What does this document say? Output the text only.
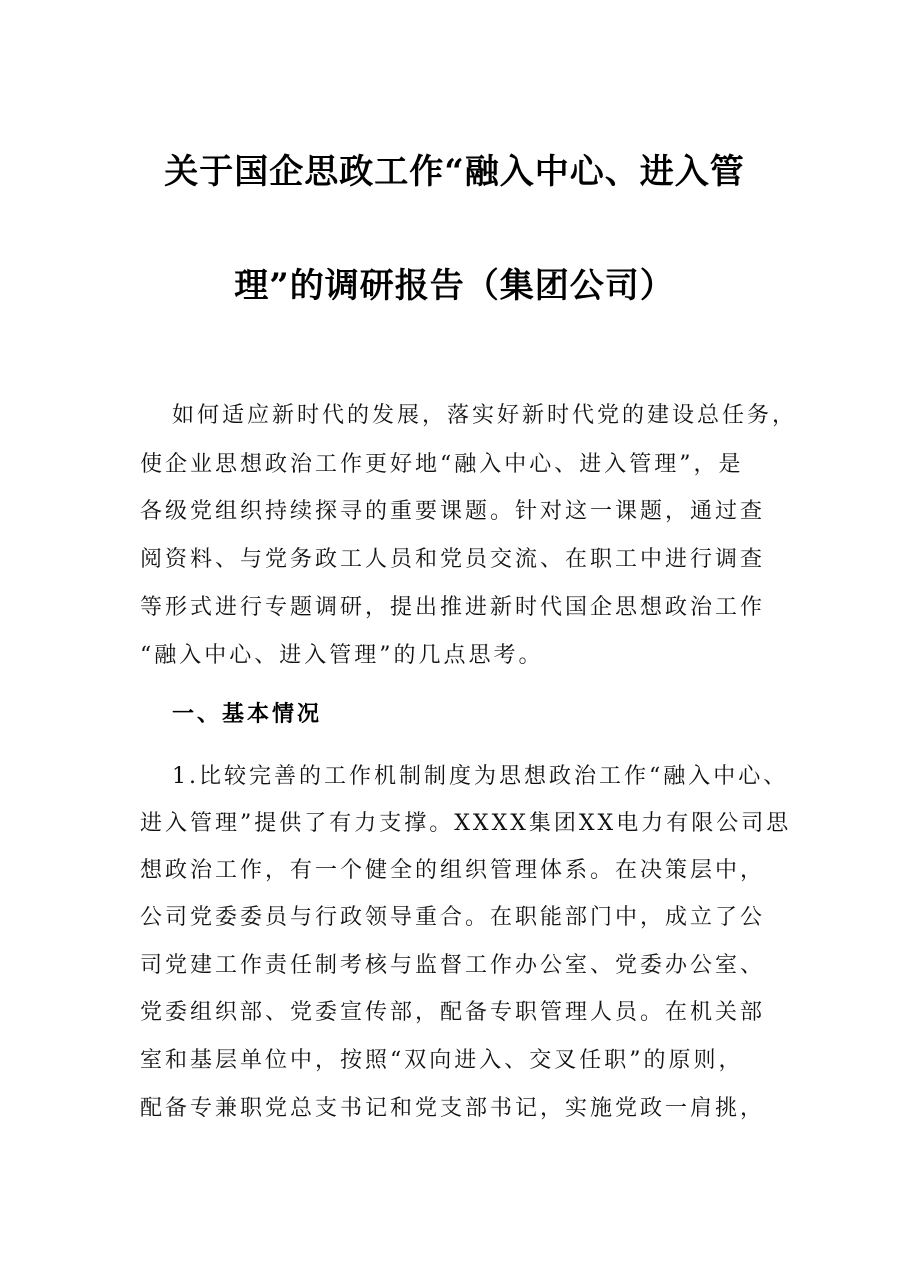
关于国企思政工作“融入中心、进入管
理”的调研报告（集团公司）
如何适应新时代的发展，落实好新时代党的建设总任务，
使企业思想政治工作更好地“融入中心、进入管理”，是
各级党组织持续探寻的重要课题。针对这一课题，通过查
阅资料、与党务政工人员和党员交流、在职工中进行调查
等形式进行专题调研，提出推进新时代国企思想政治工作
“融入中心、进入管理”的几点思考。
一、基本情况
1.比较完善的工作机制制度为思想政治工作“融入中心、
进入管理”提供了有力支撑。XXXX集团XX电力有限公司思
想政治工作，有一个健全的组织管理体系。在决策层中，
公司党委委员与行政领导重合。在职能部门中，成立了公
司党建工作责任制考核与监督工作办公室、党委办公室、
党委组织部、党委宣传部，配备专职管理人员。在机关部
室和基层单位中，按照“双向进入、交叉任职”的原则，
配备专兼职党总支书记和党支部书记，实施党政一肩挑，
